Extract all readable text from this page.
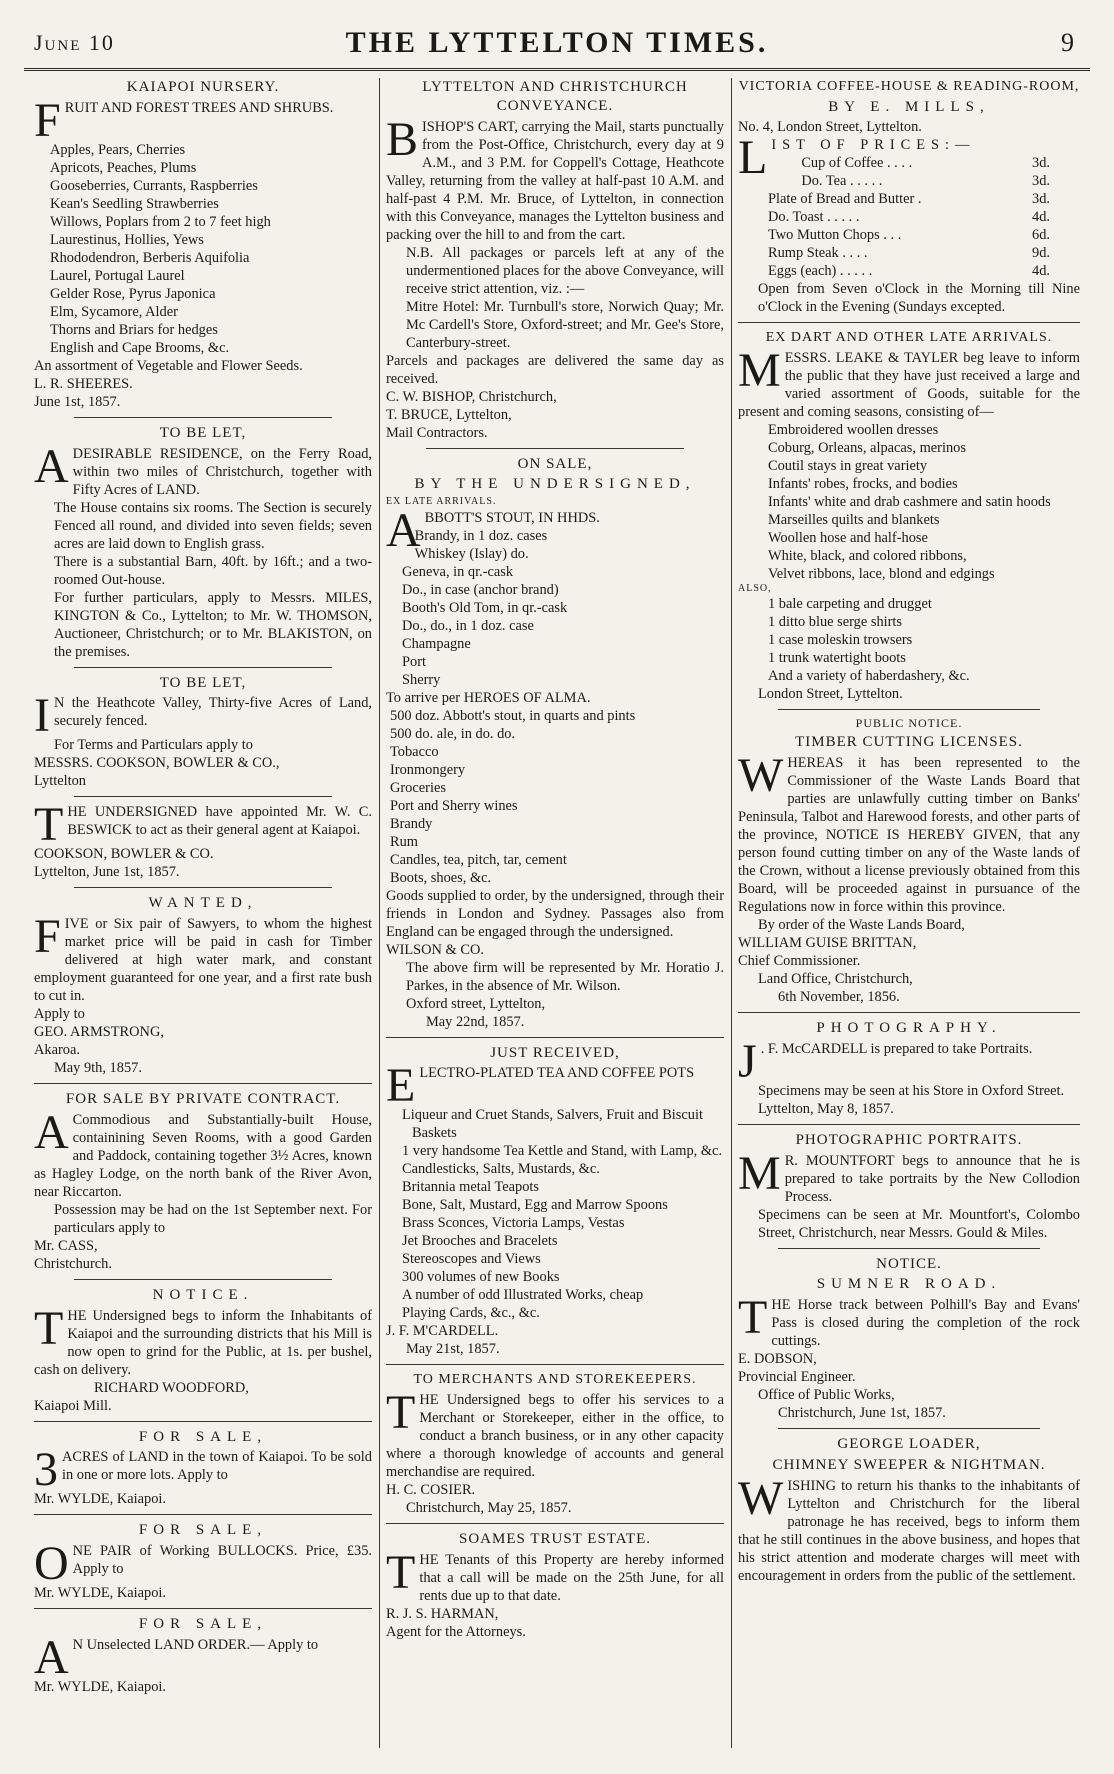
June 10	THE LYTTELTON TIMES.	9
KAIAPOI NURSERY.

FRUIT AND FOREST TREES AND SHRUBS.

Apples, Pears, Cherries
Apricots, Peaches, Plums
Gooseberries, Currants, Raspberries
Kean's Seedling Strawberries
Willows, Poplars from 2 to 7 feet high
Laurestinus, Hollies, Yews
Rhododendron, Berberis Aquifolia
Laurel, Portugal Laurel
Gelder Rose, Pyrus Japonica
Elm, Sycamore, Alder
Thorns and Briars for hedges
English and Cape Brooms, &c.

An assortment of Vegetable and Flower Seeds.

L. R. SHEERES.

June 1st, 1857.

TO BE LET,

ADESIRABLE RESIDENCE, on the Ferry Road, within two miles of Christchurch, together with Fifty Acres of LAND.

The House contains six rooms. The Section is securely Fenced all round, and divided into seven fields; seven acres are laid down to English grass.

There is a substantial Barn, 40ft. by 16ft.; and a two-roomed Out-house.

For further particulars, apply to Messrs. MILES, KINGTON & Co., Lyttelton; to Mr. W. THOMSON, Auctioneer, Christchurch; or to Mr. BLAKISTON, on the premises.

TO BE LET,

I N the Heathcote Valley, Thirty-five Acres of Land, securely fenced.

For Terms and Particulars apply to

MESSRS. COOKSON, BOWLER & CO.,

Lyttelton

THE UNDERSIGNED have appointed Mr. W. C. BESWICK to act as their general agent at Kaiapoi.

COOKSON, BOWLER & CO.

Lyttelton, June 1st, 1857.

WANTED,

FIVE or Six pair of Sawyers, to whom the highest market price will be paid in cash for Timber delivered at high water mark, and constant employment guaranteed for one year, and a first rate bush to cut in.

Apply to

GEO. ARMSTRONG,

Akaroa.

May 9th, 1857.

FOR SALE BY PRIVATE CONTRACT.

A Commodious and Substantially-built House, containining Seven Rooms, with a good Garden and Paddock, containing together 3½ Acres, known as Hagley Lodge, on the north bank of the River Avon, near Riccarton.

Possession may be had on the 1st September next. For particulars apply to

Mr. CASS,

Christchurch.

NOTICE.

THE Undersigned begs to inform the Inhabitants of Kaiapoi and the surrounding districts that his Mill is now open to grind for the Public, at 1s. per bushel, cash on delivery.

RICHARD WOODFORD,

Kaiapoi Mill.

FOR SALE,

3 ACRES of LAND in the town of Kaiapoi. To be sold in one or more lots. Apply to

Mr. WYLDE, Kaiapoi.

FOR SALE,

ONE PAIR of Working BULLOCKS. Price, £35. Apply to

Mr. WYLDE, Kaiapoi.

FOR SALE,

A N Unselected LAND ORDER.— Apply to

Mr. WYLDE, Kaiapoi.

LYTTELTON AND CHRISTCHURCH CONVEYANCE.

BISHOP'S CART, carrying the Mail, starts punctually from the Post-Office, Christchurch, every day at 9 A.M., and 3 P.M. for Coppell's Cottage, Heathcote Valley, returning from the valley at half-past 10 A.M. and half-past 4 P.M. Mr. Bruce, of Lyttelton, in connection with this Conveyance, manages the Lyttelton business and packing over the hill to and from the cart.

N.B. All packages or parcels left at any of the undermentioned places for the above Conveyance, will receive strict attention, viz. :—

Mitre Hotel: Mr. Turnbull's store, Norwich Quay; Mr. Mc Cardell's Store, Oxford-street; and Mr. Gee's Store, Canterbury-street.

Parcels and packages are delivered the same day as received.

C. W. BISHOP, Christchurch,

T. BRUCE, Lyttelton,

Mail Contractors.

ON SALE,
BY THE UNDERSIGNED,

EX LATE ARRIVALS.

ABBOTT'S STOUT, IN HHDS.

Brandy, in 1 doz. cases
Whiskey (Islay) do.
Geneva, in qr.-cask
Do., in case (anchor brand)
Booth's Old Tom, in qr.-cask
Do., do., in 1 doz. case
Champagne
Port
Sherry

To arrive per HEROES OF ALMA.

500 doz. Abbott's stout, in quarts and pints
500 do. ale, in do. do.
Tobacco
Ironmongery
Groceries
Port and Sherry wines
Brandy
Rum
Candles, tea, pitch, tar, cement
Boots, shoes, &c.

Goods supplied to order, by the undersigned, through their friends in London and Sydney. Passages also from England can be engaged through the undersigned.

WILSON & CO.

The above firm will be represented by Mr. Horatio J. Parkes, in the absence of Mr. Wilson.

Oxford street, Lyttelton,

May 22nd, 1857.

JUST RECEIVED,

ELECTRO-PLATED TEA AND COFFEE POTS

Liqueur and Cruet Stands, Salvers, Fruit and Biscuit Baskets
1 very handsome Tea Kettle and Stand, with Lamp, &c.
Candlesticks, Salts, Mustards, &c.
Britannia metal Teapots
Bone, Salt, Mustard, Egg and Marrow Spoons
Brass Sconces, Victoria Lamps, Vestas
Jet Brooches and Bracelets
Stereoscopes and Views
300 volumes of new Books
A number of odd Illustrated Works, cheap
Playing Cards, &c., &c.

J. F. M'CARDELL.

May 21st, 1857.

TO MERCHANTS AND STOREKEEPERS.

THE Undersigned begs to offer his services to a Merchant or Storekeeper, either in the office, to conduct a branch business, or in any other capacity where a thorough knowledge of accounts and general merchandise are required.

H. C. COSIER.

Christchurch, May 25, 1857.

SOAMES TRUST ESTATE.

THE Tenants of this Property are hereby informed that a call will be made on the 25th June, for all rents due up to that date.

R. J. S. HARMAN,

Agent for the Attorneys.

VICTORIA COFFEE-HOUSE & READING-ROOM,
BY E. MILLS,

No. 4, London Street, Lyttelton.

LIST OF PRICES:—

Cup of Coffee . . . .	3d.
Do. Tea . . . . .	3d.
Plate of Bread and Butter .	3d.
Do. Toast . . . . .	4d.
Two Mutton Chops . . .	6d.
Rump Steak . . . .	9d.
Eggs (each) . . . . .	4d.

Open from Seven o'Clock in the Morning till Nine o'Clock in the Evening (Sundays excepted.

EX DART AND OTHER LATE ARRIVALS.

MESSRS. LEAKE & TAYLER beg leave to inform the public that they have just received a large and varied assortment of Goods, suitable for the present and coming seasons, consisting of—

Embroidered woollen dresses
Coburg, Orleans, alpacas, merinos
Coutil stays in great variety
Infants' robes, frocks, and bodies
Infants' white and drab cashmere and satin hoods
Marseilles quilts and blankets
Woollen hose and half-hose
White, black, and colored ribbons,
Velvet ribbons, lace, blond and edgings

ALSO,

1 bale carpeting and drugget
1 ditto blue serge shirts
1 case moleskin trowsers
1 trunk watertight boots
And a variety of haberdashery, &c.

London Street, Lyttelton.

PUBLIC NOTICE.
TIMBER CUTTING LICENSES.

WHEREAS it has been represented to the Commissioner of the Waste Lands Board that parties are unlawfully cutting timber on Banks' Peninsula, Talbot and Harewood forests, and other parts of the province, NOTICE IS HEREBY GIVEN, that any person found cutting timber on any of the Waste lands of the Crown, without a license previously obtained from this Board, will be proceeded against in pursuance of the Regulations now in force within this province.

By order of the Waste Lands Board,

WILLIAM GUISE BRITTAN,

Chief Commissioner.

Land Office, Christchurch,

6th November, 1856.

PHOTOGRAPHY.

J . F. McCARDELL is prepared to take Portraits.

Specimens may be seen at his Store in Oxford Street.

Lyttelton, May 8, 1857.

PHOTOGRAPHIC PORTRAITS.

M R. MOUNTFORT begs to announce that he is prepared to take portraits by the New Collodion Process.

Specimens can be seen at Mr. Mountfort's, Colombo Street, Christchurch, near Messrs. Gould & Miles.

NOTICE.
SUMNER ROAD.

THE Horse track between Polhill's Bay and Evans' Pass is closed during the completion of the rock cuttings.

E. DOBSON,

Provincial Engineer.

Office of Public Works,

Christchurch, June 1st, 1857.

GEORGE LOADER,
CHIMNEY SWEEPER & NIGHTMAN.

WISHING to return his thanks to the inhabitants of Lyttelton and Christchurch for the liberal patronage he has received, begs to inform them that he still continues in the above business, and hopes that his strict attention and moderate charges will meet with encouragement in orders from the public of the settlement.
